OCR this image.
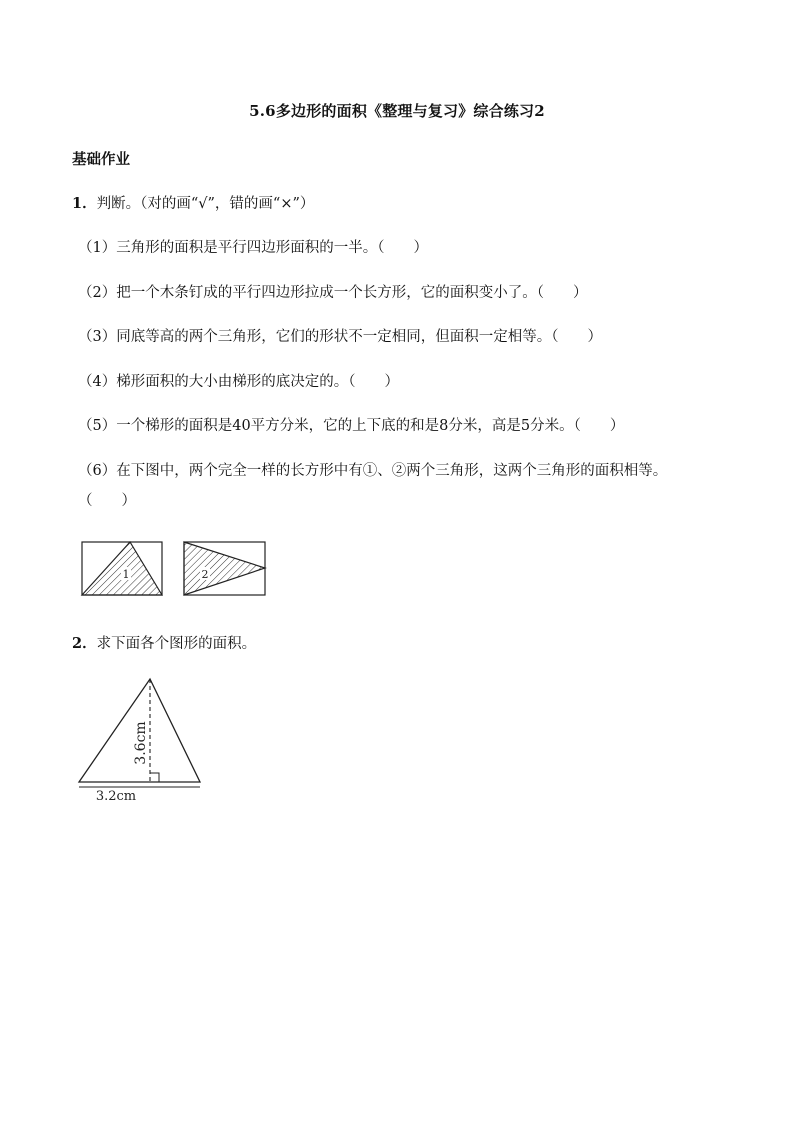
5.6多边形的面积《整理与复习》综合练习2
基础作业
1．判断。（对的画“√”，错的画“×”）
（1）三角形的面积是平行四边形面积的一半。（　　）
（2）把一个木条钉成的平行四边形拉成一个长方形，它的面积变小了。（　　）
（3）同底等高的两个三角形，它们的形状不一定相同，但面积一定相等。（　　）
（4）梯形面积的大小由梯形的底决定的。（　　）
（5）一个梯形的面积是40平方分米，它的上下底的和是8分米，高是5分米。（　　）
（6）在下图中，两个完全一样的长方形中有①、②两个三角形，这两个三角形的面积相等。
（　　）
1	2
2．求下面各个图形的面积。
3.6cm
3.2cm
